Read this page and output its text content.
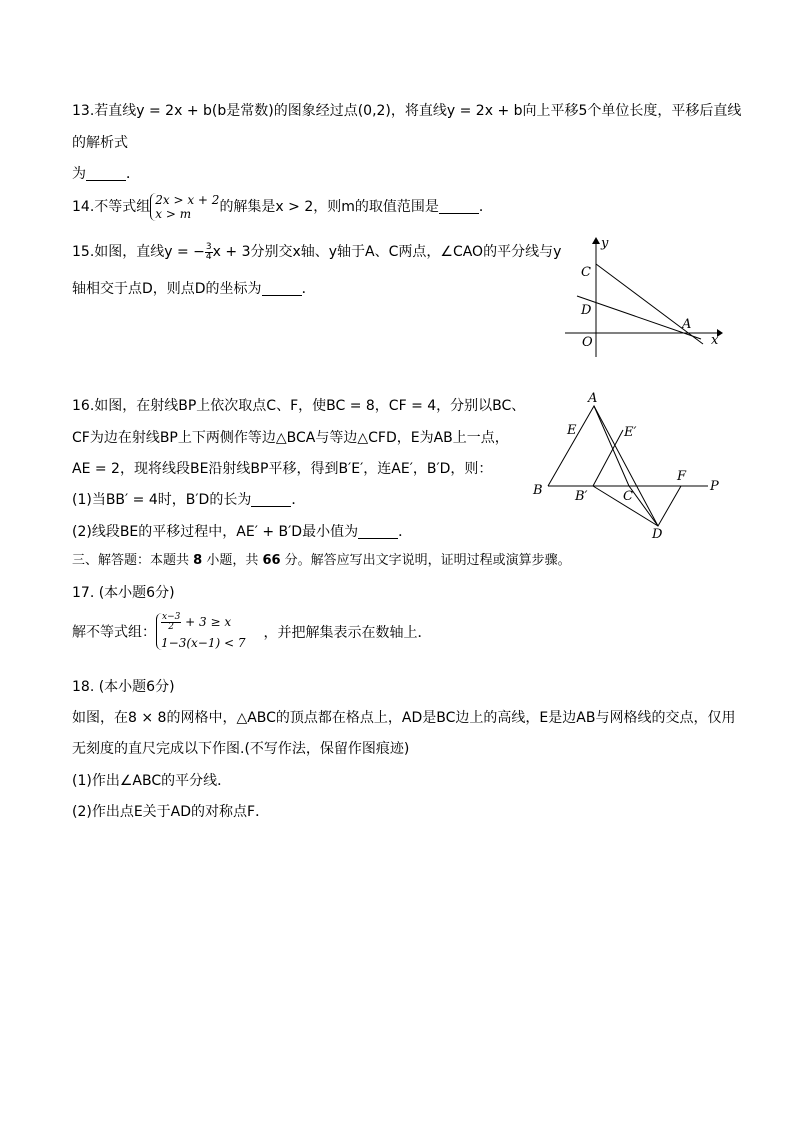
13.若直线y = 2x + b(b是常数)的图象经过点(0,2)，将直线y = 2x + b向上平移5个单位长度，平移后直线
的解析式
为	．
14.不等式组 2x > x + 2
x > m	的解集是x > 2，则m的取值范围是	．
15.如图，直线y = − $\frac{3}{4}$ x + 3分别交x轴、y轴于A、C两点，∠CAO的平分线与y
轴相交于点D，则点D的坐标为	．
y
C
D
O
A
x
16.如图，在射线BP上依次取点C、F，使BC = 8，CF = 4，分别以BC、
CF为边在射线BP上下两侧作等边△BCA与等边△CFD，E为AB上一点，
AE = 2，现将线段BE沿射线BP平移，得到B′E′，连AE′，B′D，则：
(1)当BB′ = 4时，B′D的长为	．
(2)线段BE的平移过程中，AE′ + B′D最小值为	．
A
E	E′
F
P
B B′	C
D
三、解答题：本题共 8 小题，共 66 分。解答应写出文字说明，证明过程或演算步骤。
17. (本小题6分)
解不等式组：
$\frac{x-3}{2} + 3 \ge x$
1−3(x−1) < 7
，并把解集表示在数轴上．
18. (本小题6分)
如图，在8 × 8的网格中，△ABC的顶点都在格点上，AD是BC边上的高线，E是边AB与网格线的交点，仅用
无刻度的直尺完成以下作图.(不写作法，保留作图痕迹)
(1)作出∠ABC的平分线．
(2)作出点E关于AD的对称点F．
